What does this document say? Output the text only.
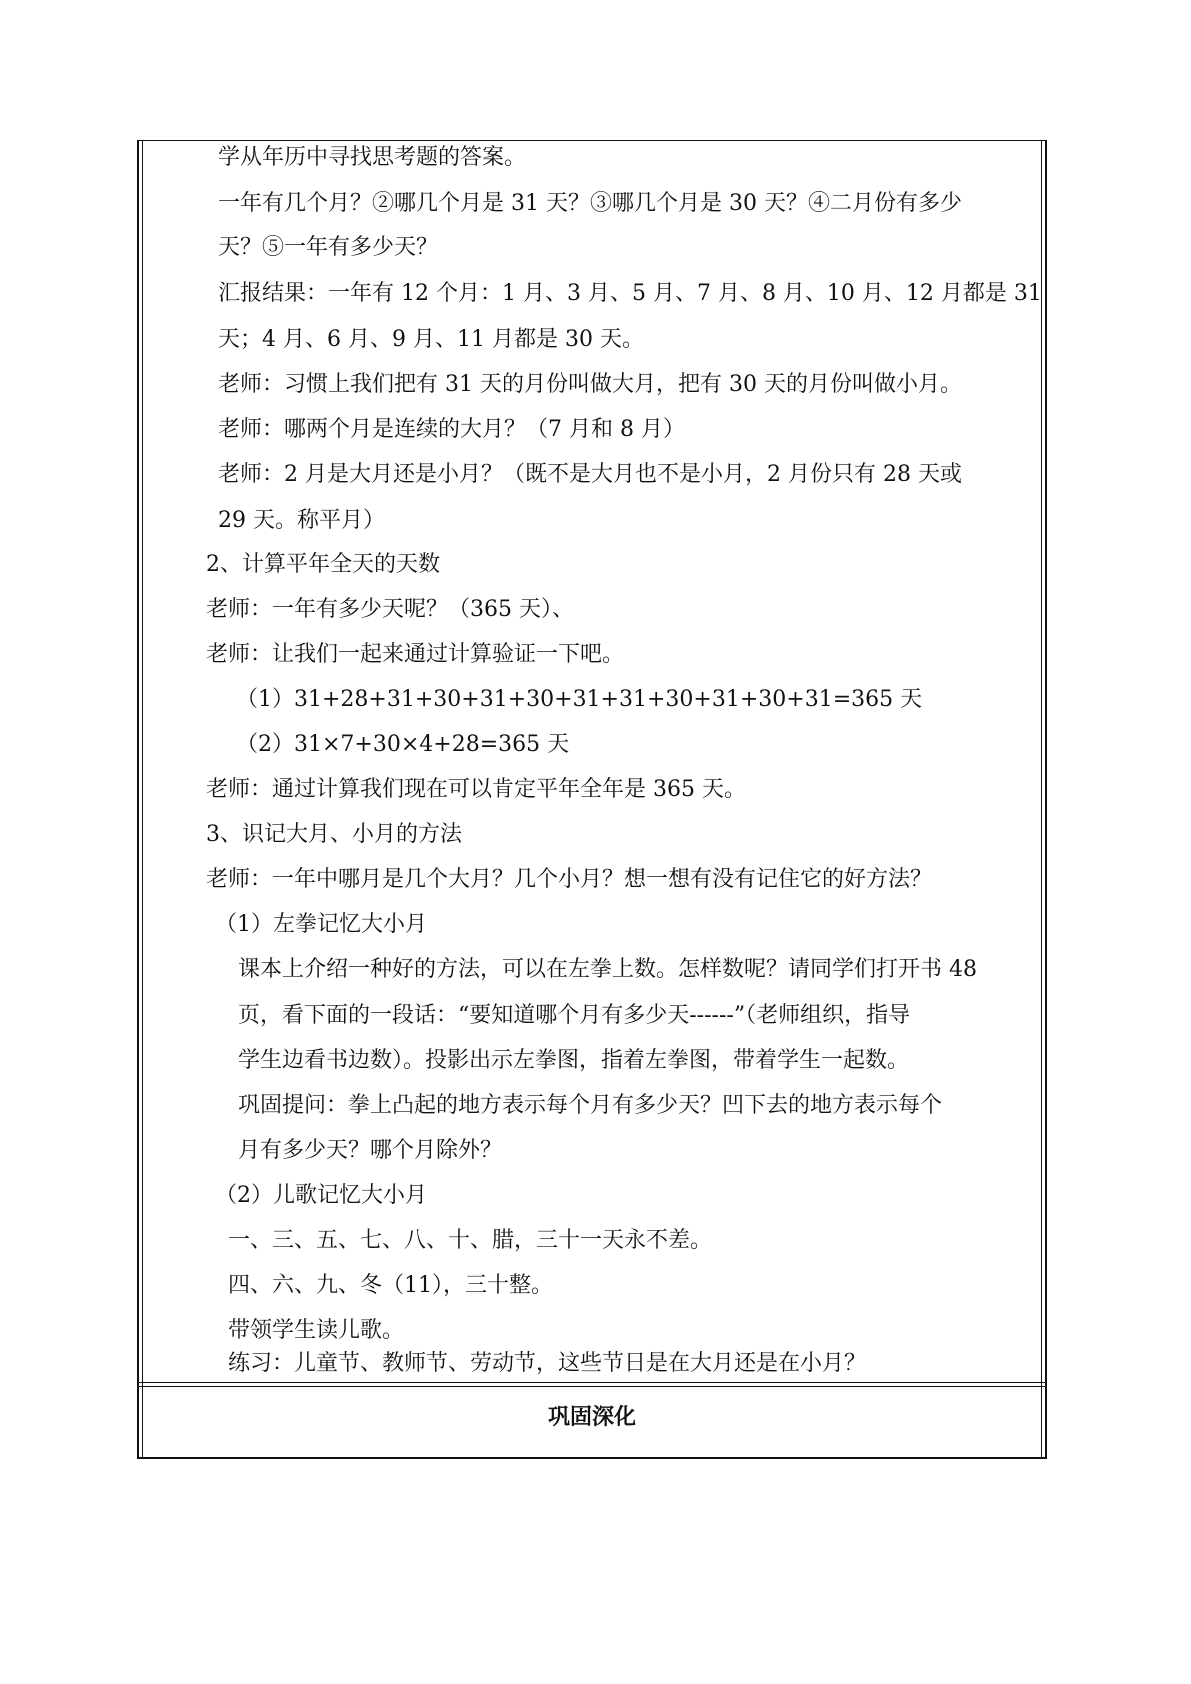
学从年历中寻找思考题的答案。
一年有几个月？②哪几个月是 31 天？③哪几个月是 30 天？④二月份有多少
天？⑤一年有多少天？
汇报结果：一年有 12 个月：1 月、3 月、5 月、7 月、8 月、10 月、12 月都是 31
天；4 月、6 月、9 月、11 月都是 30 天。
老师：习惯上我们把有 31 天的月份叫做大月，把有 30 天的月份叫做小月。
老师：哪两个月是连续的大月？（7 月和 8 月）
老师：2 月是大月还是小月？（既不是大月也不是小月，2 月份只有 28 天或
29 天。称平月）
2、计算平年全天的天数
老师：一年有多少天呢？（365 天）、
老师：让我们一起来通过计算验证一下吧。
（1）31+28+31+30+31+30+31+31+30+31+30+31=365 天
（2）31×7+30×4+28=365 天
老师：通过计算我们现在可以肯定平年全年是 365 天。
3、识记大月、小月的方法
老师：一年中哪月是几个大月？几个小月？想一想有没有记住它的好方法？
（1）左拳记忆大小月
课本上介绍一种好的方法，可以在左拳上数。怎样数呢？请同学们打开书 48
页，看下面的一段话：“要知道哪个月有多少天------”（老师组织，指导
学生边看书边数）。投影出示左拳图，指着左拳图，带着学生一起数。
巩固提问：拳上凸起的地方表示每个月有多少天？凹下去的地方表示每个
月有多少天？哪个月除外？
（2）儿歌记忆大小月
一、三、五、七、八、十、腊，三十一天永不差。
四、六、九、冬（11），三十整。
带领学生读儿歌。
练习：儿童节、教师节、劳动节，这些节日是在大月还是在小月？
巩固深化
